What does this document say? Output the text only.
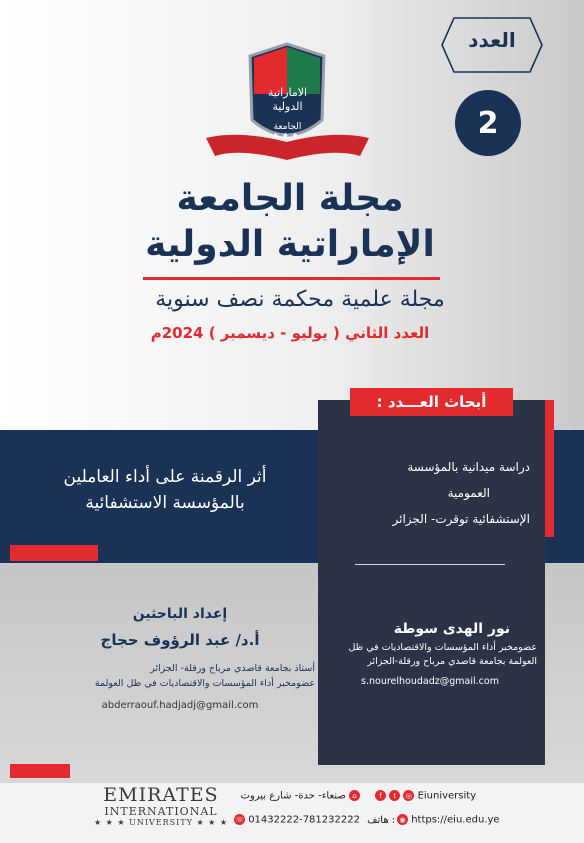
العدد
2
★ ★ ★
الاماراتية
الدولية
الجامعة
مجلة الجامعة
الإماراتية الدولية
مجلة علمية محكمة نصف سنوية
العدد الثاني ( يوليو - ديسمبر ) 2024م
أبحاث العـــدد :
أثر الرقمنة على أداء العاملين
بالمؤسسة الاستشفائية
دراسة ميدانية بالمؤسسة
العمومية
الإستشفائية توقرت- الجزائر
إعداد الباحثين
أ.د/ عبد الرؤوف حجاج
أستاذ بجامعة قاصدي مرباح ورقلة- الجزائر
عضومخبر أداء المؤسسات والاقتصاديات في ظل العولمة
abderraouf.hadjadj@gmail.com
نور الهدى سوطة
عضومخبر أداء المؤسسات والاقتصاديات في ظل
العولمة بجامعة قاصدي مرباح ورقلة-الجزائر
s.nourelhoudadz@gmail.com
EMIRATES
INTERNATIONAL
★ ★ ★ UNIVERSITY ★ ★ ★
⌂ صنعاء- حدة- شارع بيروت	f t ◎ Eiuniversity
☏ 01432222-781232222 هاتف : ◉ https://eiu.edu.ye
